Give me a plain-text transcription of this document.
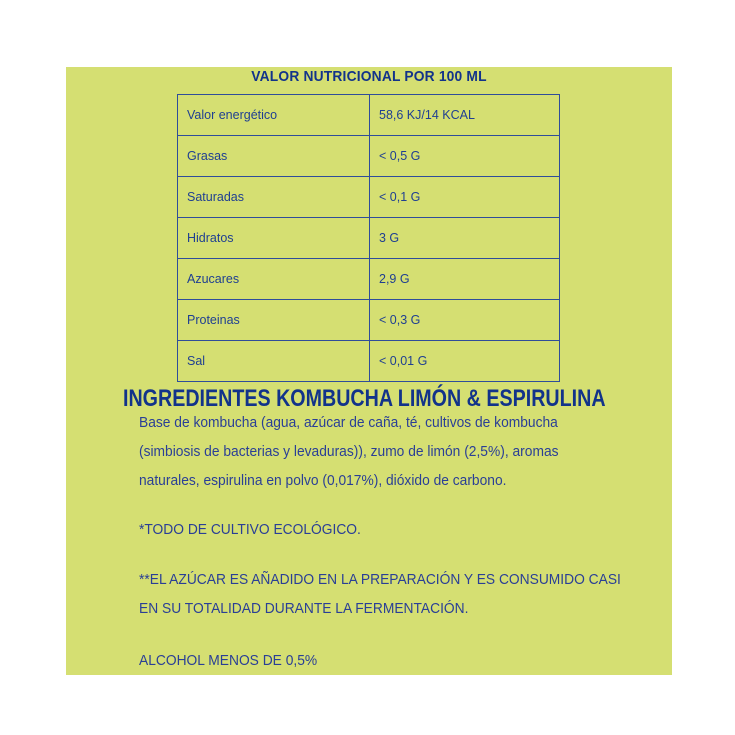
VALOR NUTRICIONAL POR 100 ML
Valor energético	58,6 KJ/14 KCAL
Grasas	< 0,5 G
Saturadas	< 0,1 G
Hidratos	3 G
Azucares	2,9 G
Proteinas	< 0,3 G
Sal	< 0,01 G
INGREDIENTES KOMBUCHA LIMÓN & ESPIRULINA
Base de kombucha (agua, azúcar de caña, té, cultivos de kombucha
(simbiosis de bacterias y levaduras)), zumo de limón (2,5%), aromas
naturales, espirulina en polvo (0,017%), dióxido de carbono.
*TODO DE CULTIVO ECOLÓGICO.
**EL AZÚCAR ES AÑADIDO EN LA PREPARACIÓN Y ES CONSUMIDO CASI
EN SU TOTALIDAD DURANTE LA FERMENTACIÓN.
ALCOHOL MENOS DE 0,5%
